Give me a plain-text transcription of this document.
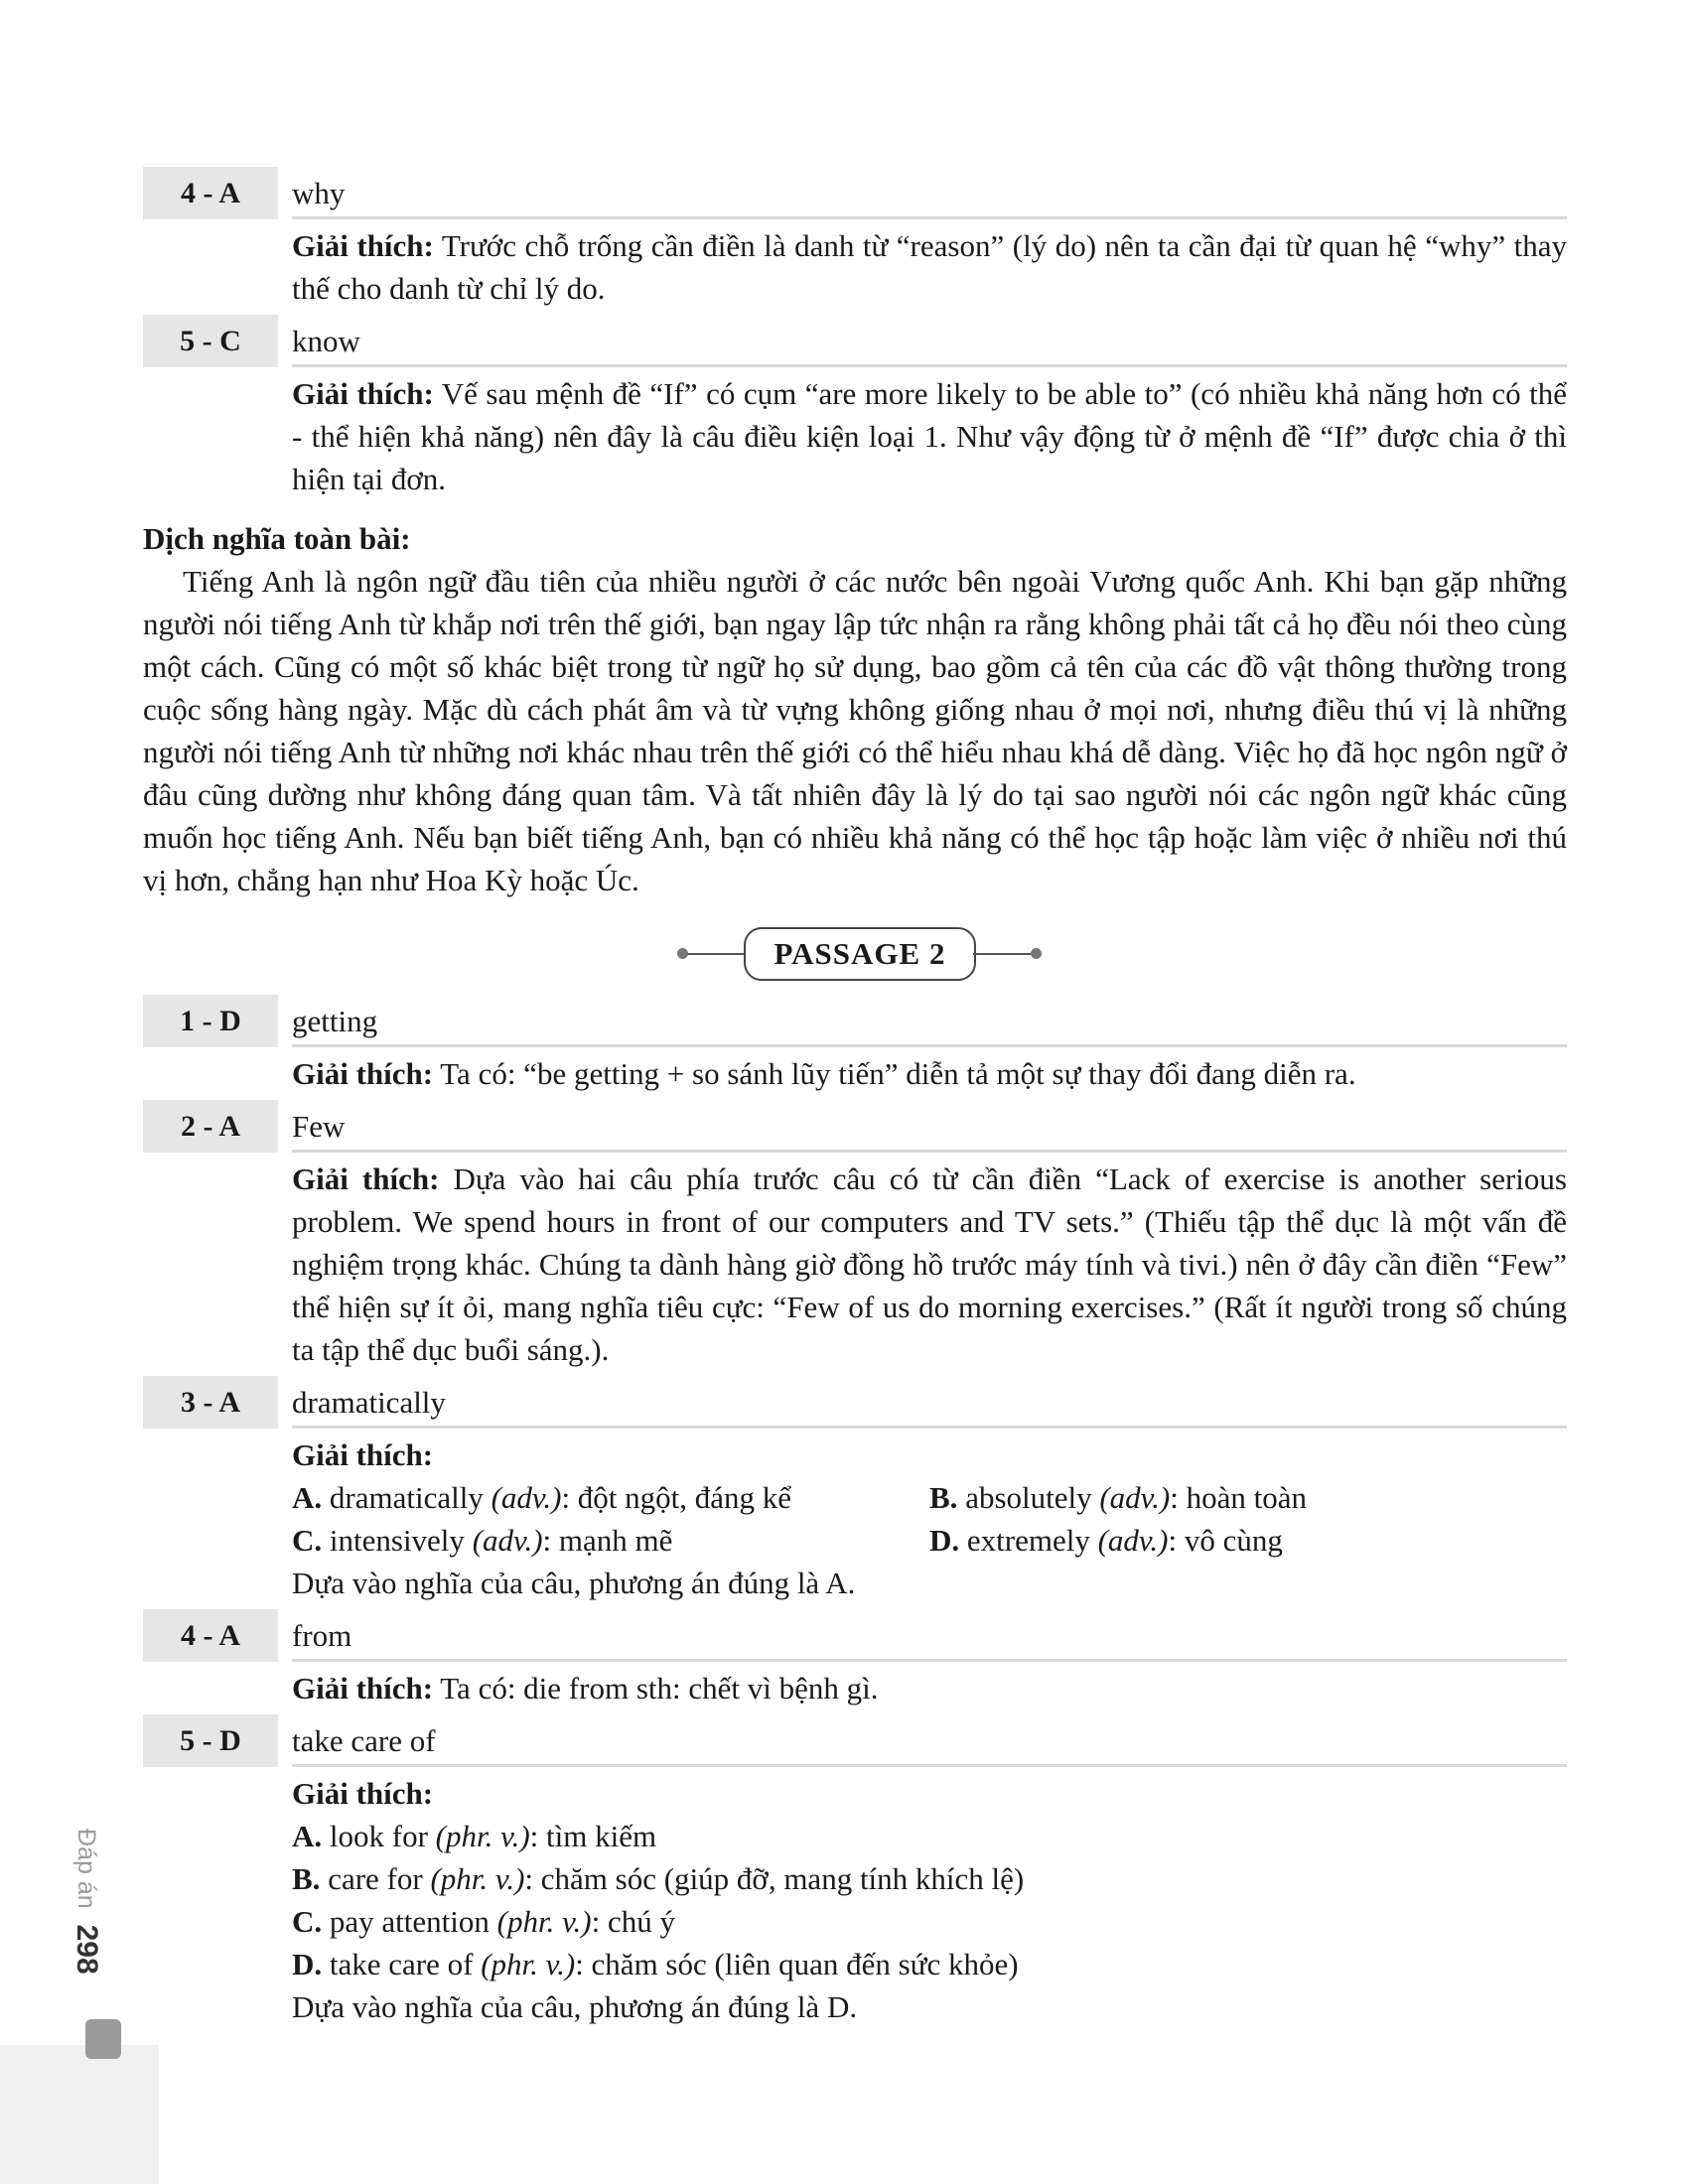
4 - A	why
Giải thích: Trước chỗ trống cần điền là danh từ “reason” (lý do) nên ta cần đại từ quan hệ “why” thay thế cho danh từ chỉ lý do.
5 - C	know
Giải thích: Vế sau mệnh đề “If” có cụm “are more likely to be able to” (có nhiều khả năng hơn có thể - thể hiện khả năng) nên đây là câu điều kiện loại 1. Như vậy động từ ở mệnh đề “If” được chia ở thì hiện tại đơn.
Dịch nghĩa toàn bài:
Tiếng Anh là ngôn ngữ đầu tiên của nhiều người ở các nước bên ngoài Vương quốc Anh. Khi bạn gặp những người nói tiếng Anh từ khắp nơi trên thế giới, bạn ngay lập tức nhận ra rằng không phải tất cả họ đều nói theo cùng một cách. Cũng có một số khác biệt trong từ ngữ họ sử dụng, bao gồm cả tên của các đồ vật thông thường trong cuộc sống hàng ngày. Mặc dù cách phát âm và từ vựng không giống nhau ở mọi nơi, nhưng điều thú vị là những người nói tiếng Anh từ những nơi khác nhau trên thế giới có thể hiểu nhau khá dễ dàng. Việc họ đã học ngôn ngữ ở đâu cũng dường như không đáng quan tâm. Và tất nhiên đây là lý do tại sao người nói các ngôn ngữ khác cũng muốn học tiếng Anh. Nếu bạn biết tiếng Anh, bạn có nhiều khả năng có thể học tập hoặc làm việc ở nhiều nơi thú vị hơn, chẳng hạn như Hoa Kỳ hoặc Úc.
PASSAGE 2
1 - D	getting
Giải thích: Ta có: “be getting + so sánh lũy tiến” diễn tả một sự thay đổi đang diễn ra.
2 - A	Few
Giải thích: Dựa vào hai câu phía trước câu có từ cần điền “Lack of exercise is another serious problem. We spend hours in front of our computers and TV sets.” (Thiếu tập thể dục là một vấn đề nghiệm trọng khác. Chúng ta dành hàng giờ đồng hồ trước máy tính và tivi.) nên ở đây cần điền “Few” thể hiện sự ít ỏi, mang nghĩa tiêu cực: “Few of us do morning exercises.” (Rất ít người trong số chúng ta tập thể dục buổi sáng.).
3 - A	dramatically
Giải thích:
A. dramatically (adv.): đột ngột, đáng kể	B. absolutely (adv.): hoàn toàn
C. intensively (adv.): mạnh mẽ	D. extremely (adv.): vô cùng
Dựa vào nghĩa của câu, phương án đúng là A.
4 - A	from
Giải thích: Ta có: die from sth: chết vì bệnh gì.
5 - D	take care of
Giải thích:
A. look for (phr. v.): tìm kiếm
B. care for (phr. v.): chăm sóc (giúp đỡ, mang tính khích lệ)
C. pay attention (phr. v.): chú ý
D. take care of (phr. v.): chăm sóc (liên quan đến sức khỏe)
Dựa vào nghĩa của câu, phương án đúng là D.
Đáp án
298
